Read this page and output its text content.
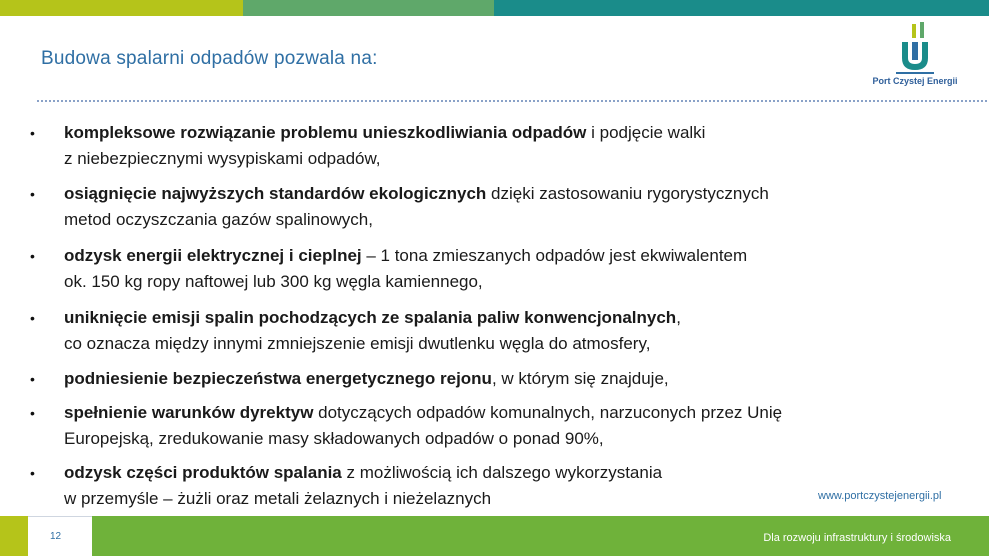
Budowa spalarni odpadów pozwala na:
Port Czystej Energii
• kompleksowe rozwiązanie problemu unieszkodliwiania odpadów i podjęcie walki
z niebezpiecznymi wysypiskami odpadów,
• osiągnięcie najwyższych standardów ekologicznych dzięki zastosowaniu rygorystycznych
metod oczyszczania gazów spalinowych,
• odzysk energii elektrycznej i cieplnej – 1 tona zmieszanych odpadów jest ekwiwalentem
ok. 150 kg ropy naftowej lub 300 kg węgla kamiennego,
• uniknięcie emisji spalin pochodzących ze spalania paliw konwencjonalnych,
co oznacza między innymi zmniejszenie emisji dwutlenku węgla do atmosfery,
• podniesienie bezpieczeństwa energetycznego rejonu, w którym się znajduje,
• spełnienie warunków dyrektyw dotyczących odpadów komunalnych, narzuconych przez Unię
Europejską, zredukowanie masy składowanych odpadów o ponad 90%,
• odzysk części produktów spalania z możliwością ich dalszego wykorzystania
w przemyśle – żużli oraz metali żelaznych i nieżelaznych	www.portczystejenergii.pl
12	Dla rozwoju infrastruktury i środowiska
